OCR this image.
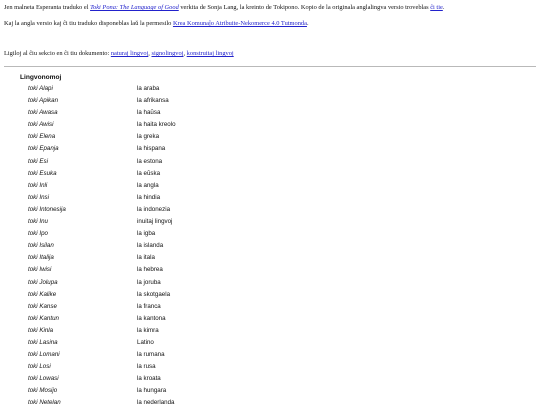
Jen malneta Esperanta traduko el Toki Pona: The Language of Good verkita de Sonja Lang, la kreinto de Tokipono. Kopio de la originala anglalingva versio troveblas ĉi tie.
Kaj la angla versio kaj ĉi tiu traduko disponeblas laŭ la permesilo Krea Komunaĵo Atribuite-Nekomerce 4.0 Tutmonda.
Ligiloj al ĉiu sekcio en ĉi tiu dokumento: naturaj lingvoj, signolingvoj, konstruitaj lingvoj
Lingvonomoj
toki Alapi	la araba
toki Apikan	la afrikansa
toki Awasa	la haŭsa
toki Awisi	la haita kreolo
toki Elena	la greka
toki Epanja	la hispana
toki Esi	la estona
toki Esuka	la eŭska
toki Inli	la angla
toki Insi	la hindia
toki Intonesija	la indonezia
toki Inu	inuitaj lingvoj
toki Ipo	la igba
toki Isilan	la islanda
toki Italija	la itala
toki Iwisi	la hebrea
toki Jolupa	la joruba
toki Kalike	la skotgaela
toki Kanse	la franca
toki Kantun	la kantona
toki Kinla	la kimra
toki Lasina	Latino
toki Lomani	la rumana
toki Losi	la rusa
toki Lowasi	la kroata
toki Mosijo	la hungara
toki Netelan	la nederlanda
